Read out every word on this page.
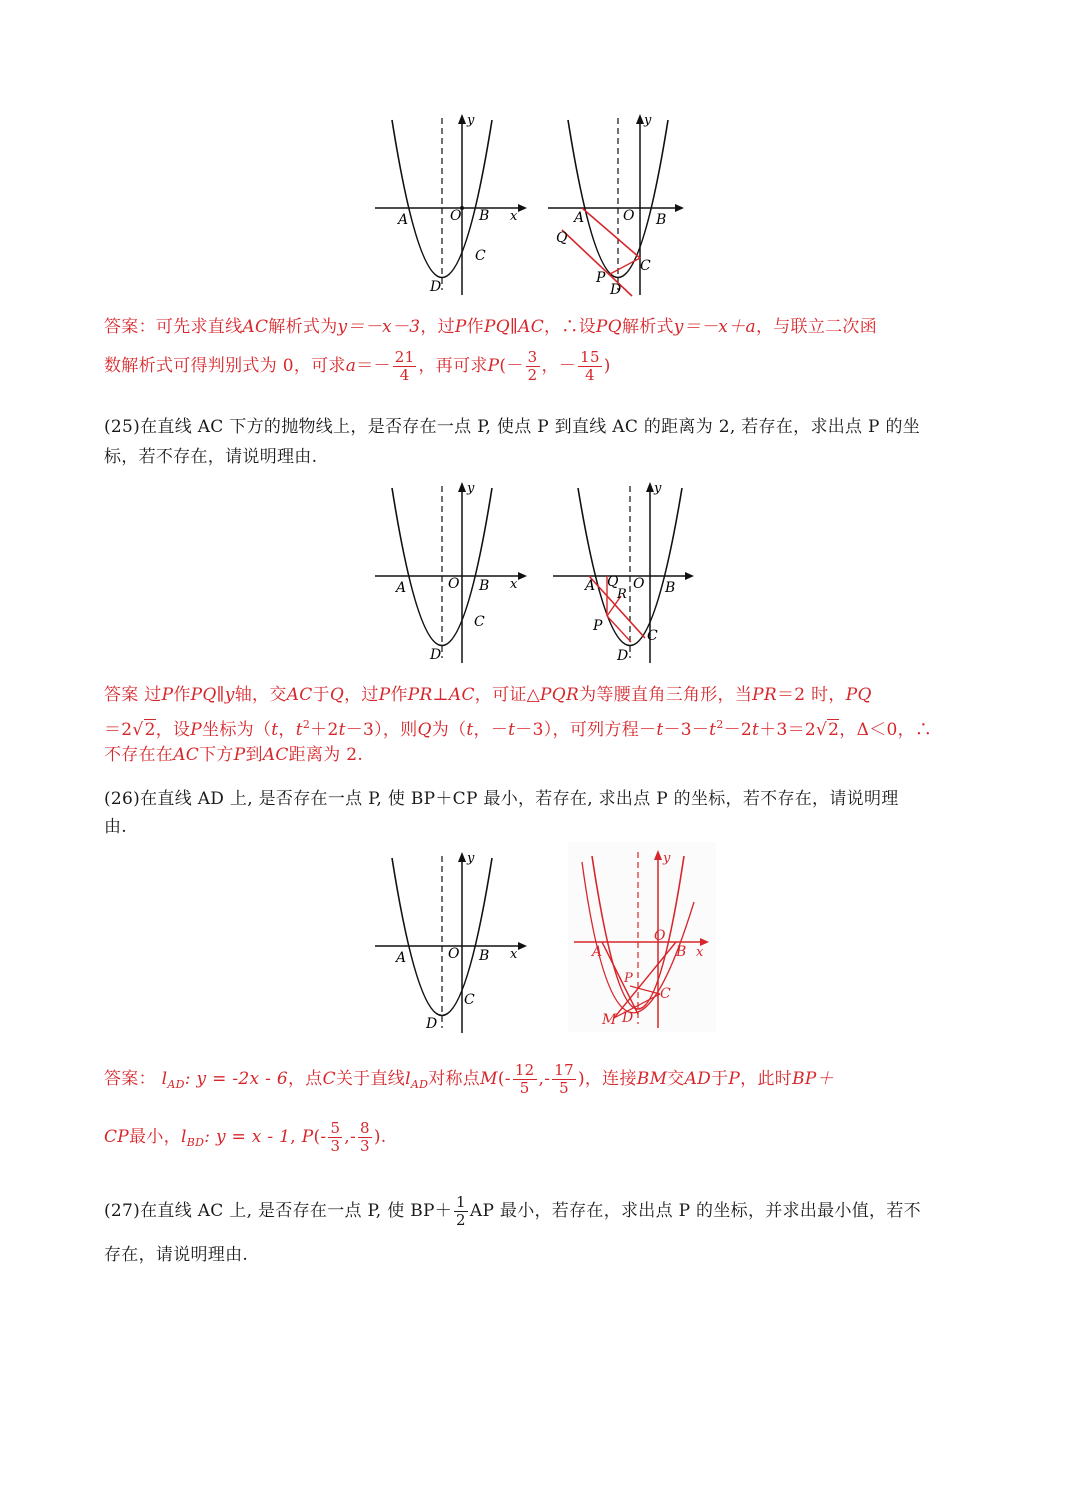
A	O B x
y
C
D
A	O B
y
Q
C
P
D
答案：可先求直线AC解析式为y＝－x－3，过P作PQ∥AC，∴设PQ解析式y＝－x＋a，与联立二次函
数解析式可得判别式为 0，可求$a=- \frac{21}{4}$ ，再可求$P(- \frac{3}{2}$ ，－ $\frac{15}{4}$ )
(25)在直线 AC 下方的抛物线上，是否存在一点 P, 使点 P 到直线 AC 的距离为 2, 若存在，求出点 P 的坐
标，若不存在，请说明理由.
A	O B x
y
C
D
A Q
R
O B
y
P
C
D
答案 过P作PQ∥y轴，交AC于Q，过P作PR⊥AC，可证△PQR为等腰直角三角形，当PR＝2 时，PQ
＝2√2，设P坐标为（t，$t^2+2t-3$），则Q为（t，－t－3），可列方程$-t-3-t^2-2t+3=2√2$，Δ＜0，∴
不存在在AC下方P到AC距离为 2.
(26)在直线 AD 上, 是否存在一点 P, 使 BP＋CP 最小，若存在, 求出点 P 的坐标，若不存在，请说明理
由.
A	O B x
y
C
D
A
O
B x
y
P
C
M D
答案： $l_{AD}$: y = -2x - 6，点C关于直线$l_{AD}$对称点$M(- \frac{12}{5}$ ,- $\frac{17}{5}$ )，连接BM交AD于P，此时BP＋
CP最小，$l_{BD}$: y = x - 1, $P(- \frac{5}{3}$ ,- $\frac{8}{3}$ ).
(27)在直线 AC 上, 是否存在一点 P, 使 $BP+ \frac{1}{2}$ AP 最小，若存在，求出点 P 的坐标，并求出最小值，若不
存在，请说明理由.
